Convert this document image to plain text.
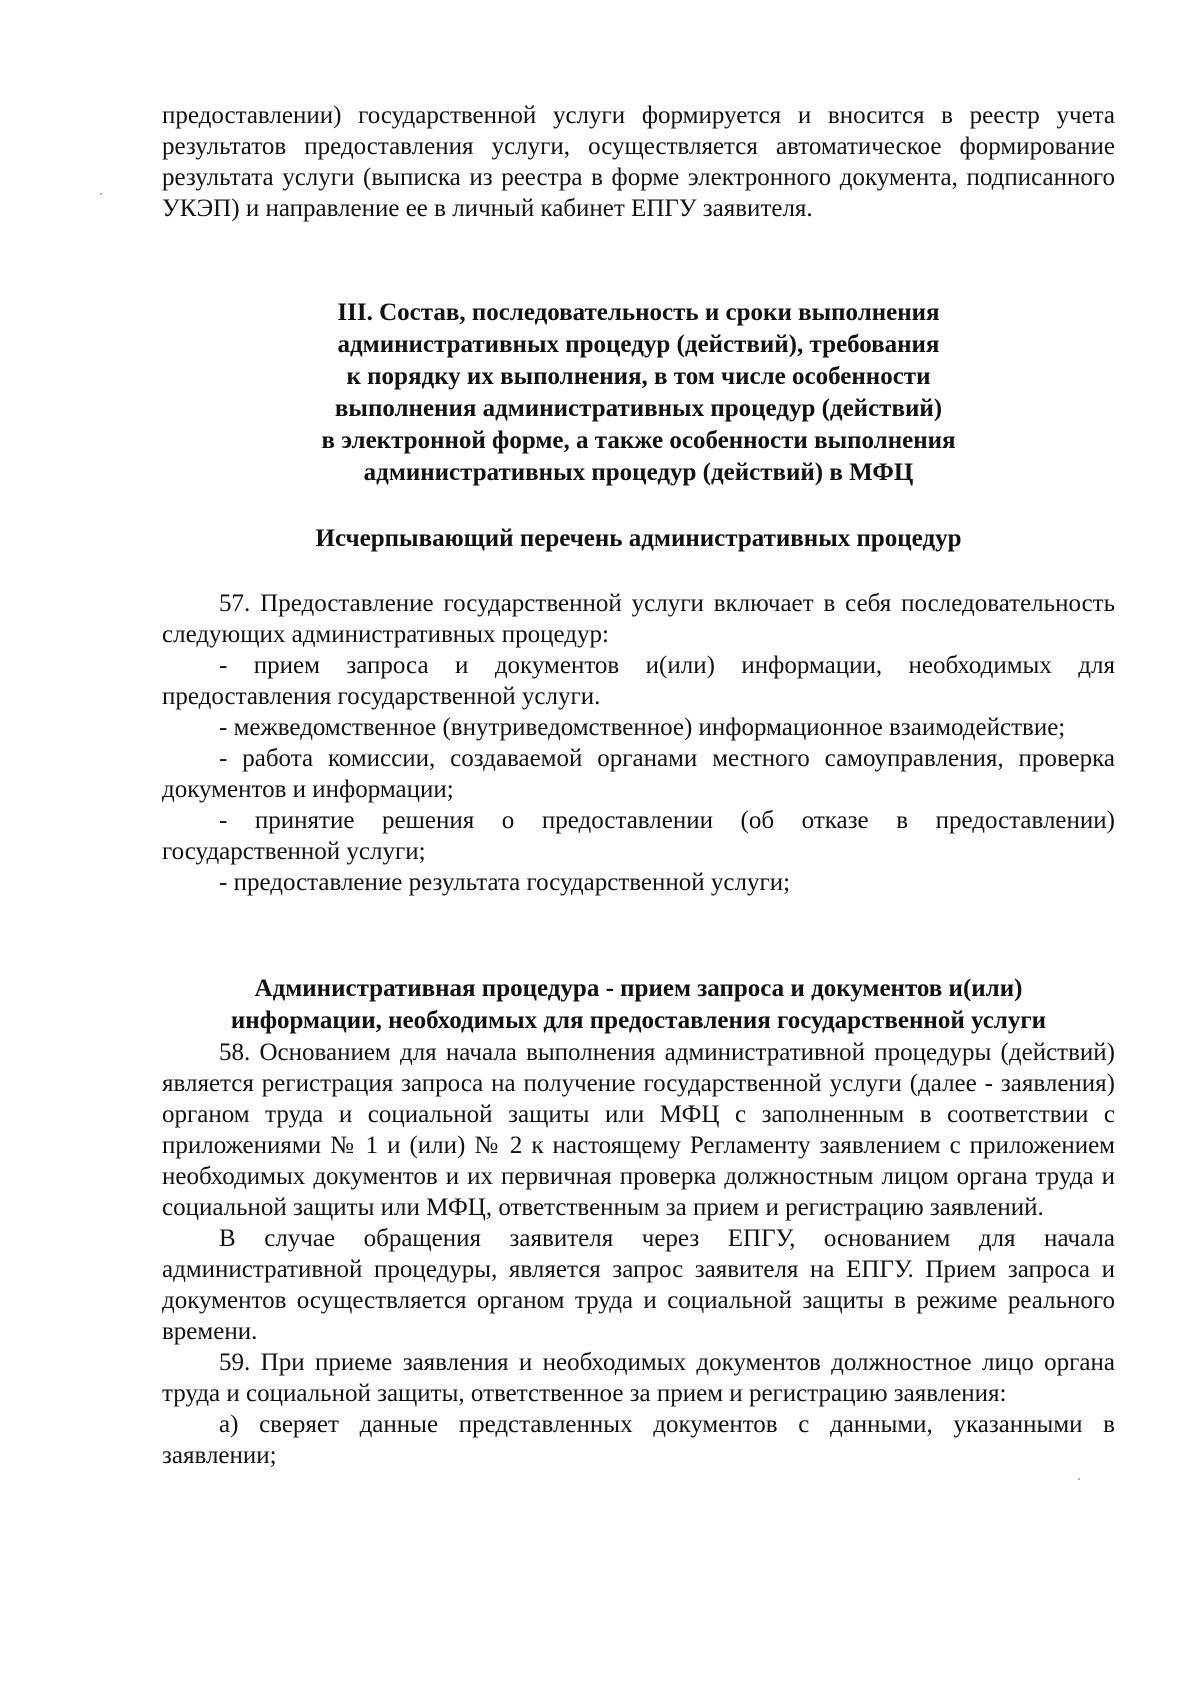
предоставлении) государственной услуги формируется и вносится в реестр учета результатов предоставления услуги, осуществляется автоматическое формирование результата услуги (выписка из реестра в форме электронного документа, подписанного УКЭП) и направление ее в личный кабинет ЕПГУ заявителя.

III. Состав, последовательность и сроки выполнения
административных процедур (действий), требования
к порядку их выполнения, в том числе особенности
выполнения административных процедур (действий)
в электронной форме, а также особенности выполнения
административных процедур (действий) в МФЦ
Исчерпывающий перечень административных процедур

57. Предоставление государственной услуги включает в себя последовательность следующих административных процедур:

- прием запроса и документов и(или) информации, необходимых для предоставления государственной услуги.

- межведомственное (внутриведомственное) информационное взаимодействие;

- работа комиссии, создаваемой органами местного самоуправления, проверка документов и информации;

- принятие решения о предоставлении (об отказе в предоставлении) государственной услуги;

- предоставление результата государственной услуги;

Административная процедура - прием запроса и документов и(или)
информации, необходимых для предоставления государственной услуги

58. Основанием для начала выполнения административной процедуры (действий) является регистрация запроса на получение государственной услуги (далее - заявления) органом труда и социальной защиты или МФЦ с заполненным в соответствии с приложениями № 1 и (или) № 2 к настоящему Регламенту заявлением с приложением необходимых документов и их первичная проверка должностным лицом органа труда и социальной защиты или МФЦ, ответственным за прием и регистрацию заявлений.

В случае обращения заявителя через ЕПГУ, основанием для начала административной процедуры, является запрос заявителя на ЕПГУ. Прием запроса и документов осуществляется органом труда и социальной защиты в режиме реального времени.

59. При приеме заявления и необходимых документов должностное лицо органа труда и социальной защиты, ответственное за прием и регистрацию заявления:

а) сверяет данные представленных документов с данными, указанными в заявлении;
